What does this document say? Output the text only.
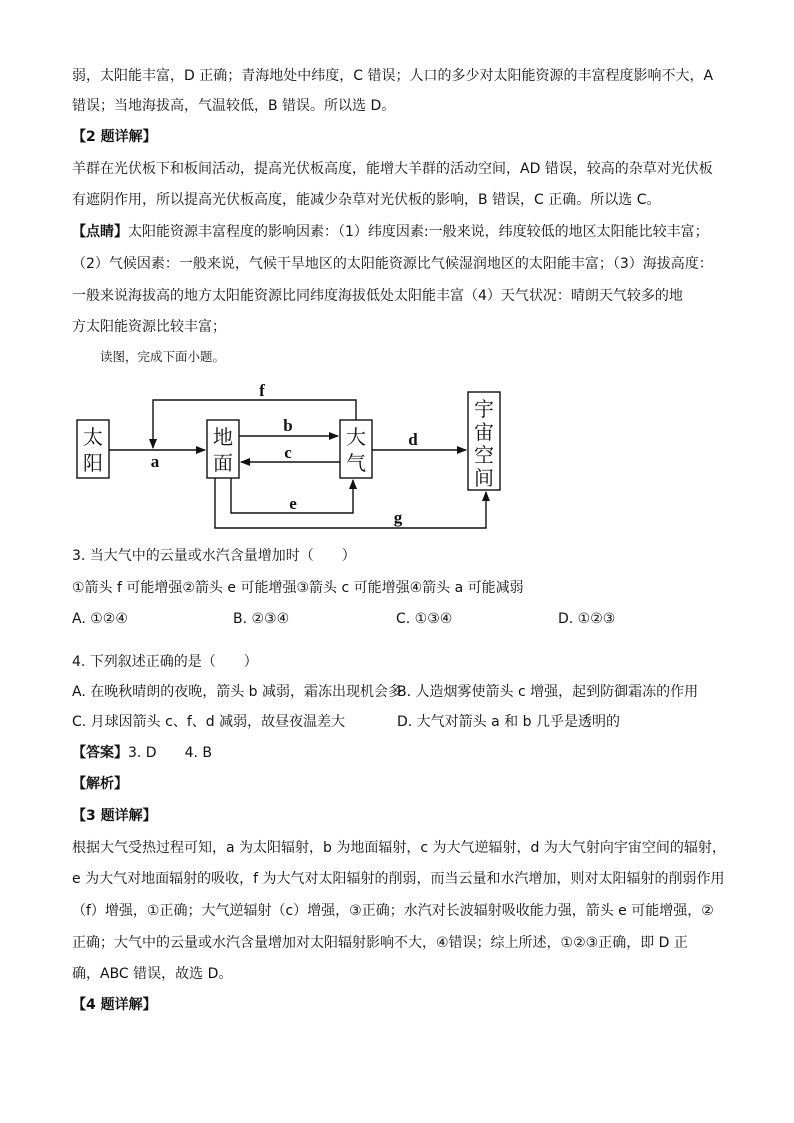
弱，太阳能丰富，D 正确；青海地处中纬度，C 错误；人口的多少对太阳能资源的丰富程度影响不大，A
错误；当地海拔高，气温较低，B 错误。所以选 D。
【2 题详解】
羊群在光伏板下和板间活动，提高光伏板高度，能增大羊群的活动空间，AD 错误，较高的杂草对光伏板
有遮阴作用，所以提高光伏板高度，能减少杂草对光伏板的影响，B 错误，C 正确。所以选 C。
【点睛】太阳能资源丰富程度的影响因素：（1）纬度因素:一般来说，纬度较低的地区太阳能比较丰富；
（2）气候因素：一般来说，气候干旱地区的太阳能资源比气候湿润地区的太阳能丰富；（3）海拔高度：
一般来说海拔高的地方太阳能资源比同纬度海拔低处太阳能丰富（4）天气状况：晴朗天气较多的地
方太阳能资源比较丰富；
读图，完成下面小题。
太
阳
地
面
大
气
宇
宙
空
间
a
b
c
d
e
f
g
3. 当大气中的云量或水汽含量增加时（　　）
①箭头 f 可能增强②箭头 e 可能增强③箭头 c 可能增强④箭头 a 可能减弱
A. ①②④	B. ②③④	C. ①③④	D. ①②③
4. 下列叙述正确的是（　　）
A. 在晚秋晴朗的夜晚，箭头 b 减弱，霜冻出现机会多
B. 人造烟雾使箭头 c 增强，起到防御霜冻的作用
C. 月球因箭头 c、f、d 减弱，故昼夜温差大	D. 大气对箭头 a 和 b 几乎是透明的
【答案】3. D　　4. B
【解析】
【3 题详解】
根据大气受热过程可知，a 为太阳辐射，b 为地面辐射，c 为大气逆辐射，d 为大气射向宇宙空间的辐射，
e 为大气对地面辐射的吸收，f 为大气对太阳辐射的削弱，而当云量和水汽增加，则对太阳辐射的削弱作用
（f）增强，①正确；大气逆辐射（c）增强，③正确；水汽对长波辐射吸收能力强，箭头 e 可能增强，②
正确；大气中的云量或水汽含量增加对太阳辐射影响不大，④错误；综上所述，①②③正确，即 D 正
确，ABC 错误，故选 D。
【4 题详解】
